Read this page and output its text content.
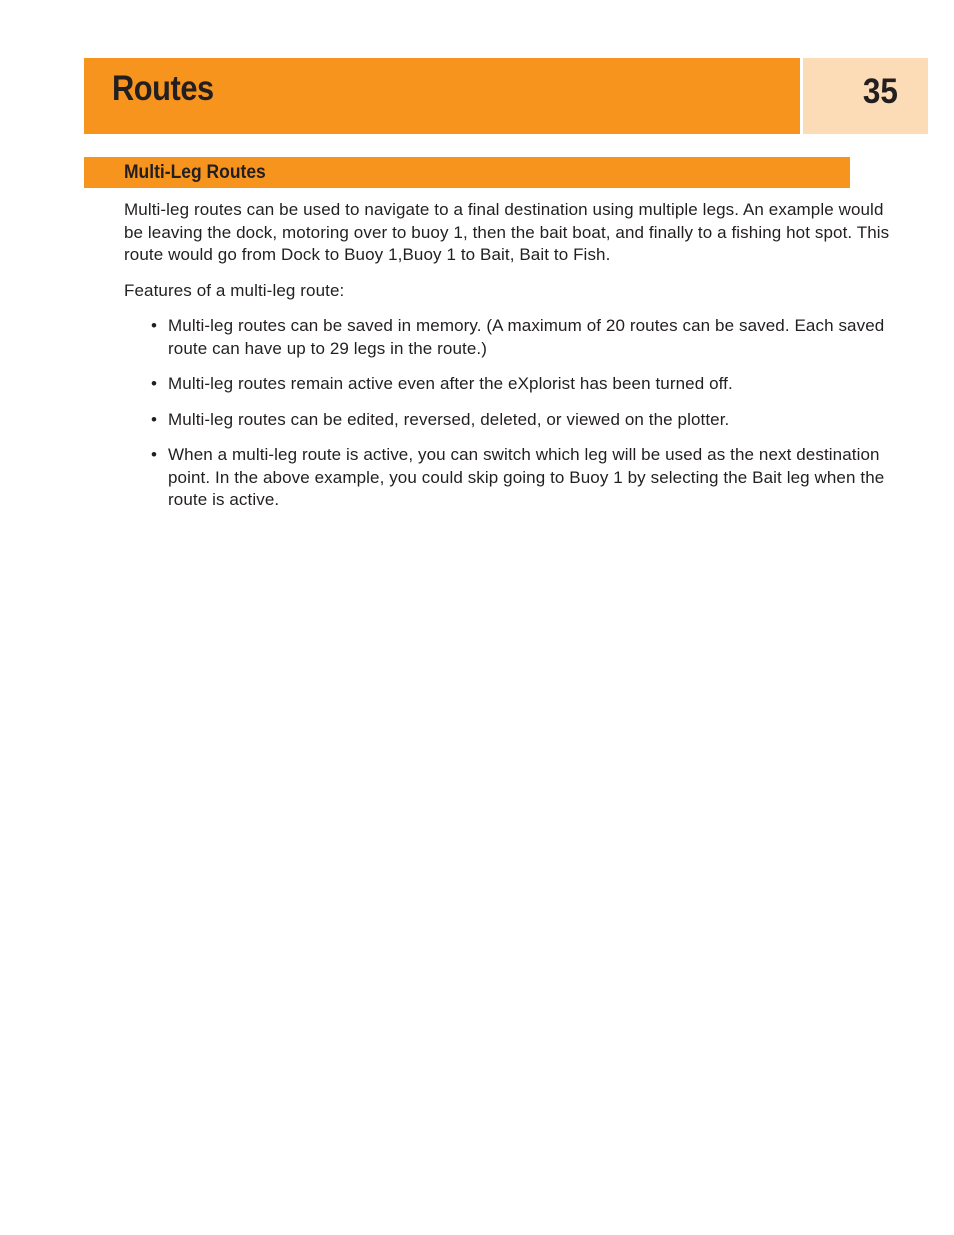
Routes	35
Multi-Leg Routes

Multi-leg routes can be used to navigate to a final destination using multiple legs. An example would be leaving the dock, motoring over to buoy 1, then the bait boat, and finally to a fishing hot spot. This route would go from Dock to Buoy 1,Buoy 1 to Bait, Bait to Fish.

Features of a multi-leg route:

• Multi-leg routes can be saved in memory. (A maximum of 20 routes can be saved. Each saved route can have up to 29 legs in the route.)
• Multi-leg routes remain active even after the eXplorist has been turned off.
• Multi-leg routes can be edited, reversed, deleted, or viewed on the plotter.
• When a multi-leg route is active, you can switch which leg will be used as the next destination point. In the above example, you could skip going to Buoy 1 by selecting the Bait leg when the route is active.
